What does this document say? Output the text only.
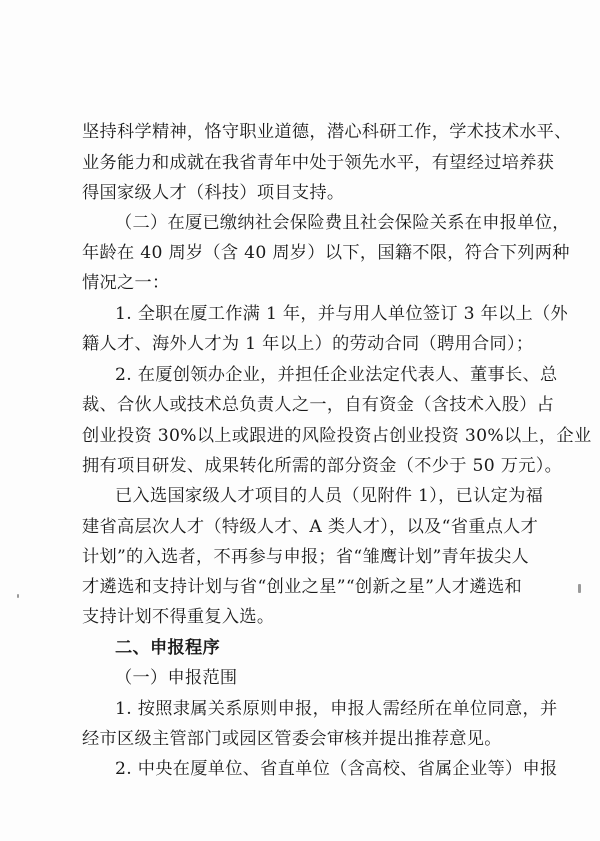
坚持科学精神，恪守职业道德，潜心科研工作，学术技术水平、

业务能力和成就在我省青年中处于领先水平，有望经过培养获

得国家级人才（科技）项目支持。

（二）在厦已缴纳社会保险费且社会保险关系在申报单位，

年龄在 40 周岁（含 40 周岁）以下，国籍不限，符合下列两种

情况之一：

1. 全职在厦工作满 1 年，并与用人单位签订 3 年以上（外

籍人才、海外人才为 1 年以上）的劳动合同（聘用合同）；

2. 在厦创领办企业，并担任企业法定代表人、董事长、总

裁、合伙人或技术总负责人之一，自有资金（含技术入股）占

创业投资 30%以上或跟进的风险投资占创业投资 30%以上，企业

拥有项目研发、成果转化所需的部分资金（不少于 50 万元）。

已入选国家级人才项目的人员（见附件 1），已认定为福

建省高层次人才（特级人才、A 类人才），以及“省重点人才

计划”的入选者，不再参与申报；省“雏鹰计划”青年拔尖人

才遴选和支持计划与省“创业之星”“创新之星”人才遴选和

支持计划不得重复入选。

二、申报程序

（一）申报范围

1. 按照隶属关系原则申报，申报人需经所在单位同意，并

经市区级主管部门或园区管委会审核并提出推荐意见。

2. 中央在厦单位、省直单位（含高校、省属企业等）申报
